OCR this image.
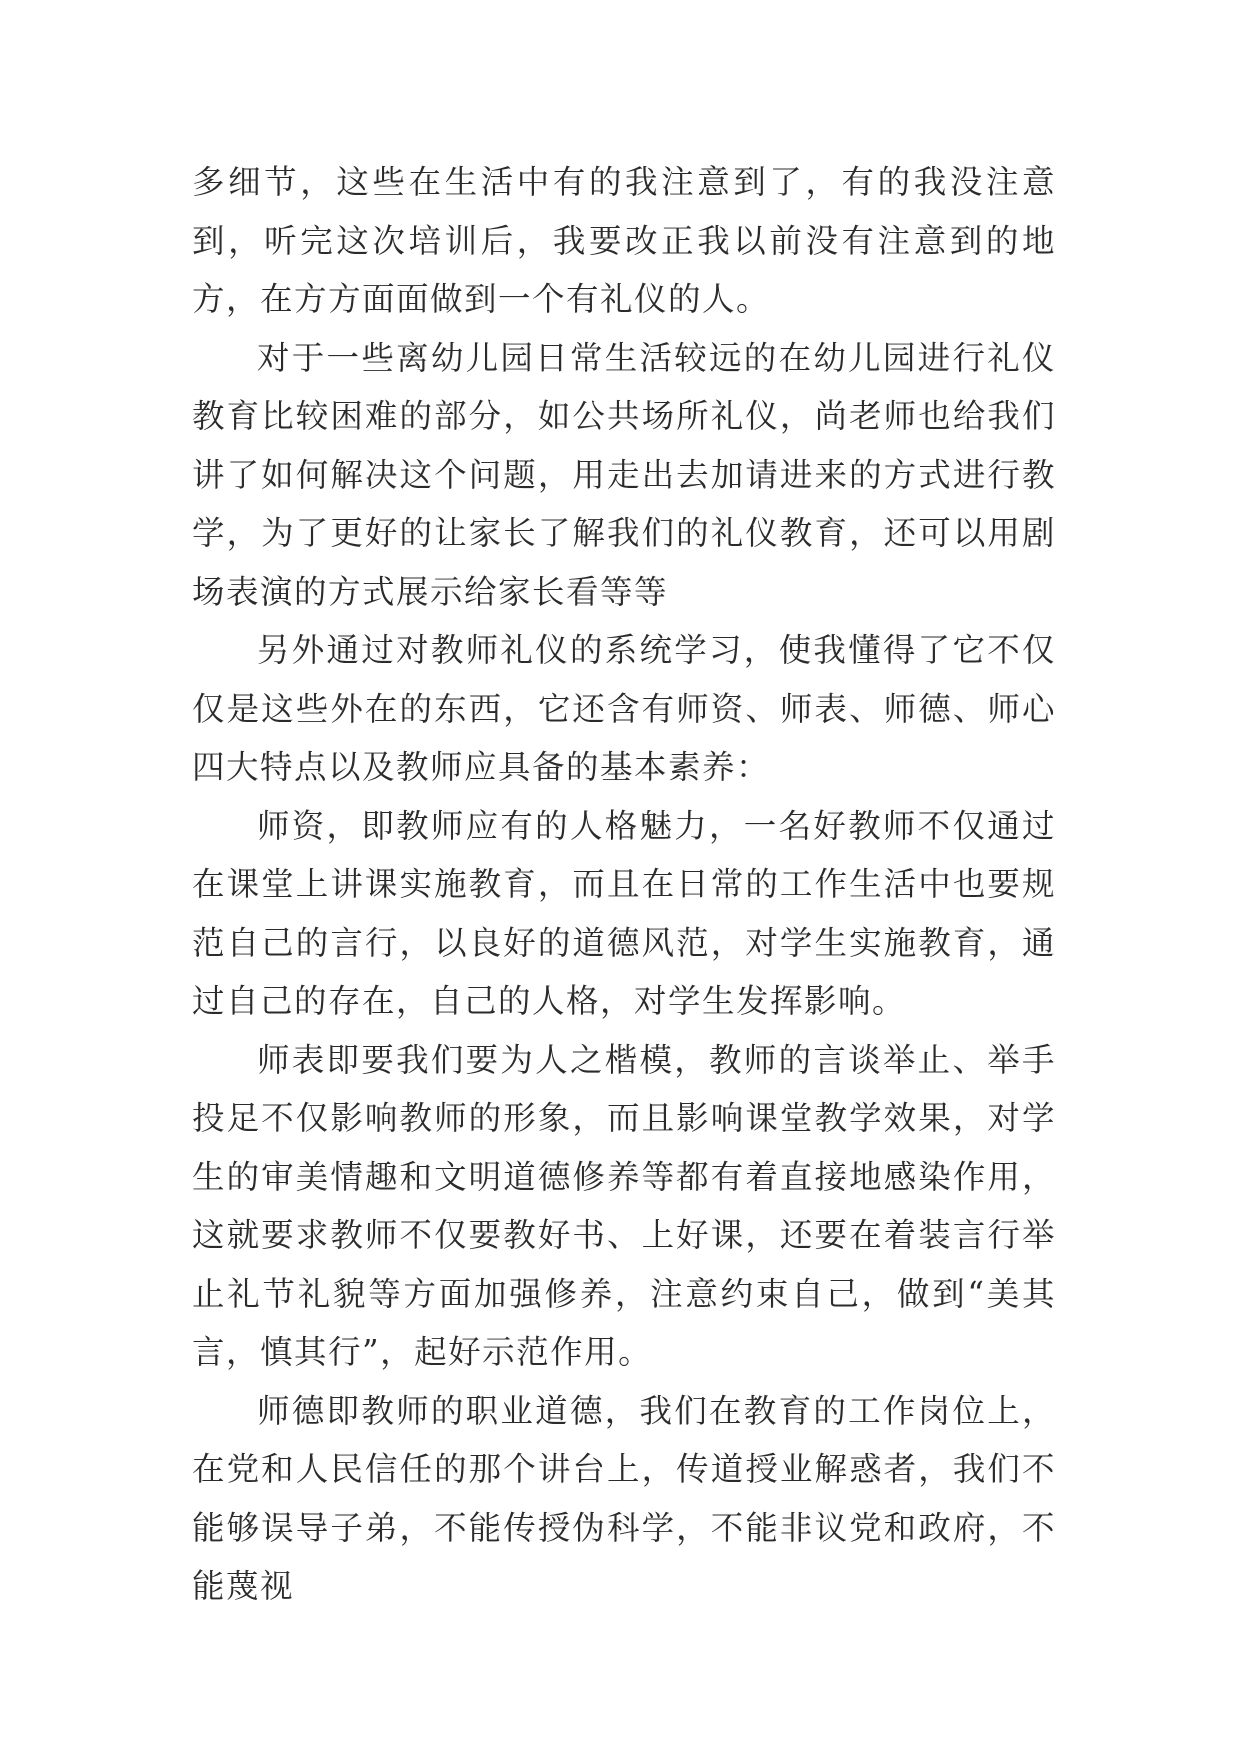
多细节，这些在生活中有的我注意到了，有的我没注意到，听完这次培训后，我要改正我以前没有注意到的地方，在方方面面做到一个有礼仪的人。

对于一些离幼儿园日常生活较远的在幼儿园进行礼仪教育比较困难的部分，如公共场所礼仪，尚老师也给我们讲了如何解决这个问题，用走出去加请进来的方式进行教学，为了更好的让家长了解我们的礼仪教育，还可以用剧场表演的方式展示给家长看等等

另外通过对教师礼仪的系统学习，使我懂得了它不仅仅是这些外在的东西，它还含有师资、师表、师德、师心四大特点以及教师应具备的基本素养：

师资，即教师应有的人格魅力，一名好教师不仅通过在课堂上讲课实施教育，而且在日常的工作生活中也要规范自己的言行，以良好的道德风范，对学生实施教育，通过自己的存在，自己的人格，对学生发挥影响。

师表即要我们要为人之楷模，教师的言谈举止、举手投足不仅影响教师的形象，而且影响课堂教学效果，对学生的审美情趣和文明道德修养等都有着直接地感染作用，这就要求教师不仅要教好书、上好课，还要在着装言行举止礼节礼貌等方面加强修养，注意约束自己，做到“美其言，慎其行”，起好示范作用。

师德即教师的职业道德，我们在教育的工作岗位上，在党和人民信任的那个讲台上，传道授业解惑者，我们不能够误导子弟，不能传授伪科学，不能非议党和政府，不能蔑视
